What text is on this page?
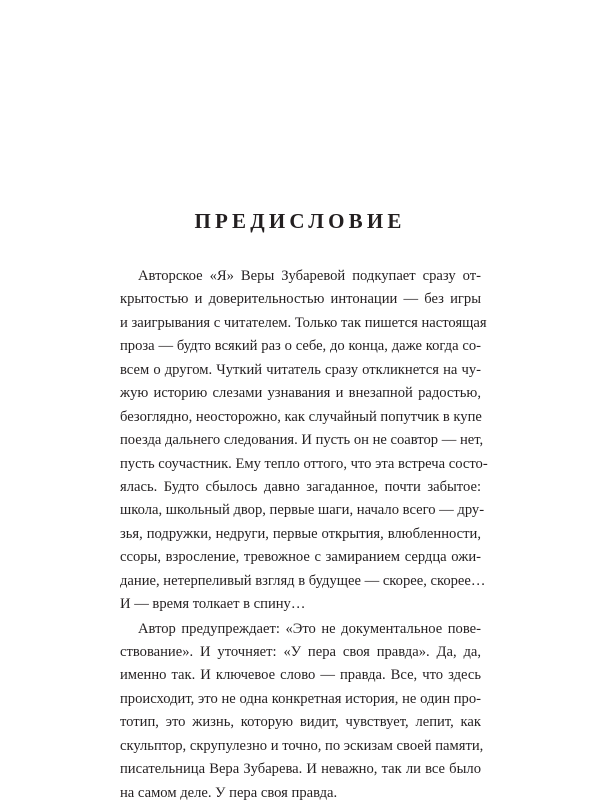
ПРЕДИСЛОВИЕ
Авторское «Я» Веры Зубаревой подкупает сразу от-
крытостью и доверительностью интонации — без игры
и заигрывания с читателем. Только так пишется настоящая
проза — будто всякий раз о себе, до конца, даже когда со-
всем о другом. Чуткий читатель сразу откликнется на чу-
жую историю слезами узнавания и внезапной радостью,
безоглядно, неосторожно, как случайный попутчик в купе
поезда дальнего следования. И пусть он не соавтор — нет,
пусть соучастник. Ему тепло оттого, что эта встреча состо-
ялась. Будто сбылось давно загаданное, почти забытое:
школа, школьный двор, первые шаги, начало всего — дру-
зья, подружки, недруги, первые открытия, влюбленности,
ссоры, взросление, тревожное с замиранием сердца ожи-
дание, нетерпеливый взгляд в будущее — скорее, скорее…
И — время толкает в спину…
Автор предупреждает: «Это не документальное пове-
ствование». И уточняет: «У пера своя правда». Да, да,
именно так. И ключевое слово — правда. Все, что здесь
происходит, это не одна конкретная история, не один про-
тотип, это жизнь, которую видит, чувствует, лепит, как
скульптор, скрупулезно и точно, по эскизам своей памяти,
писательница Вера Зубарева. И неважно, так ли все было
на самом деле. У пера своя правда.
